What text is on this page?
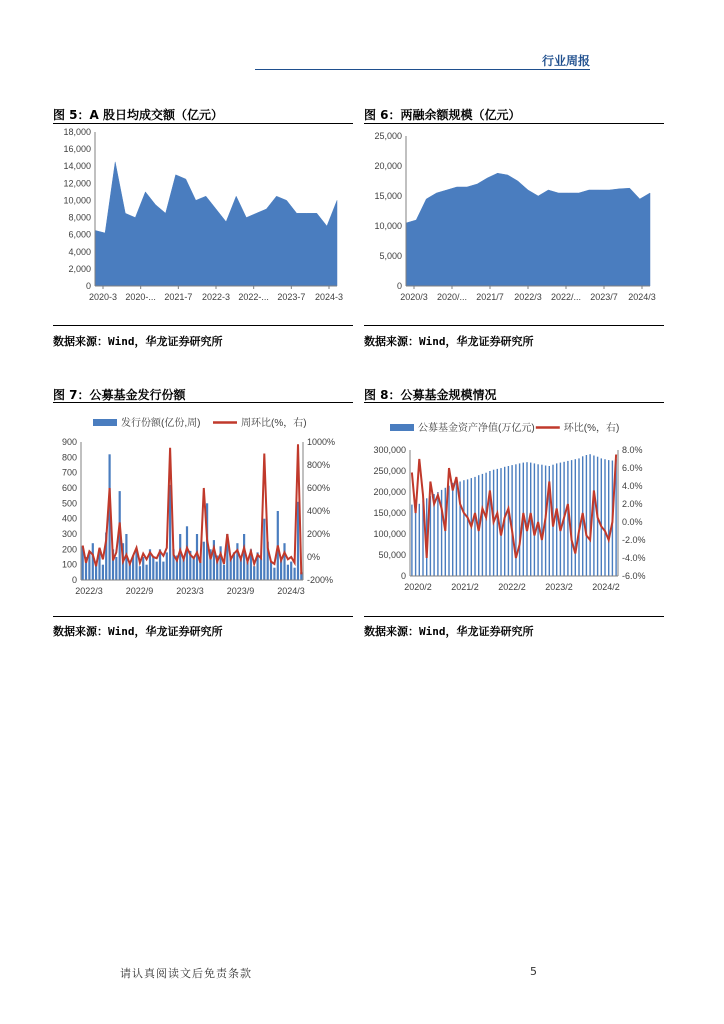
行业周报
图 5：A 股日均成交额（亿元）	图 6：两融余额规模（亿元）
图 7：公募基金发行份额	图 8：公募基金规模情况
0
2,000
4,000
6,000
8,000
10,000
12,000
14,000
16,000
18,000
2020-3 2020-... 2021-7 2022-3 2022-... 2023-7 2024-3
0
5,000
10,000
15,000
20,000
25,000
2020/3 2020/... 2021/7 2022/3 2022/... 2023/7 2024/3
0
100
200
300
400
500
600
700
800
900
-200%
0%
200%
400%
600%
800%
1000%
2022/3	2022/9	2023/3	2023/9	2024/3
发行份额(亿份,周)	周环比(%，右)
0
50,000
100,000
150,000
200,000
250,000
300,000
-6.0%
-4.0%
-2.0%
0.0%
2.0%
4.0%
6.0%
8.0%
2020/2 2021/2 2022/2 2023/2 2024/2
公募基金资产净值(万亿元)	环比(%，右)
数据来源：Wind，华龙证券研究所	数据来源：Wind，华龙证券研究所
数据来源：Wind，华龙证券研究所	数据来源：Wind，华龙证券研究所
请认真阅读文后免责条款	5
